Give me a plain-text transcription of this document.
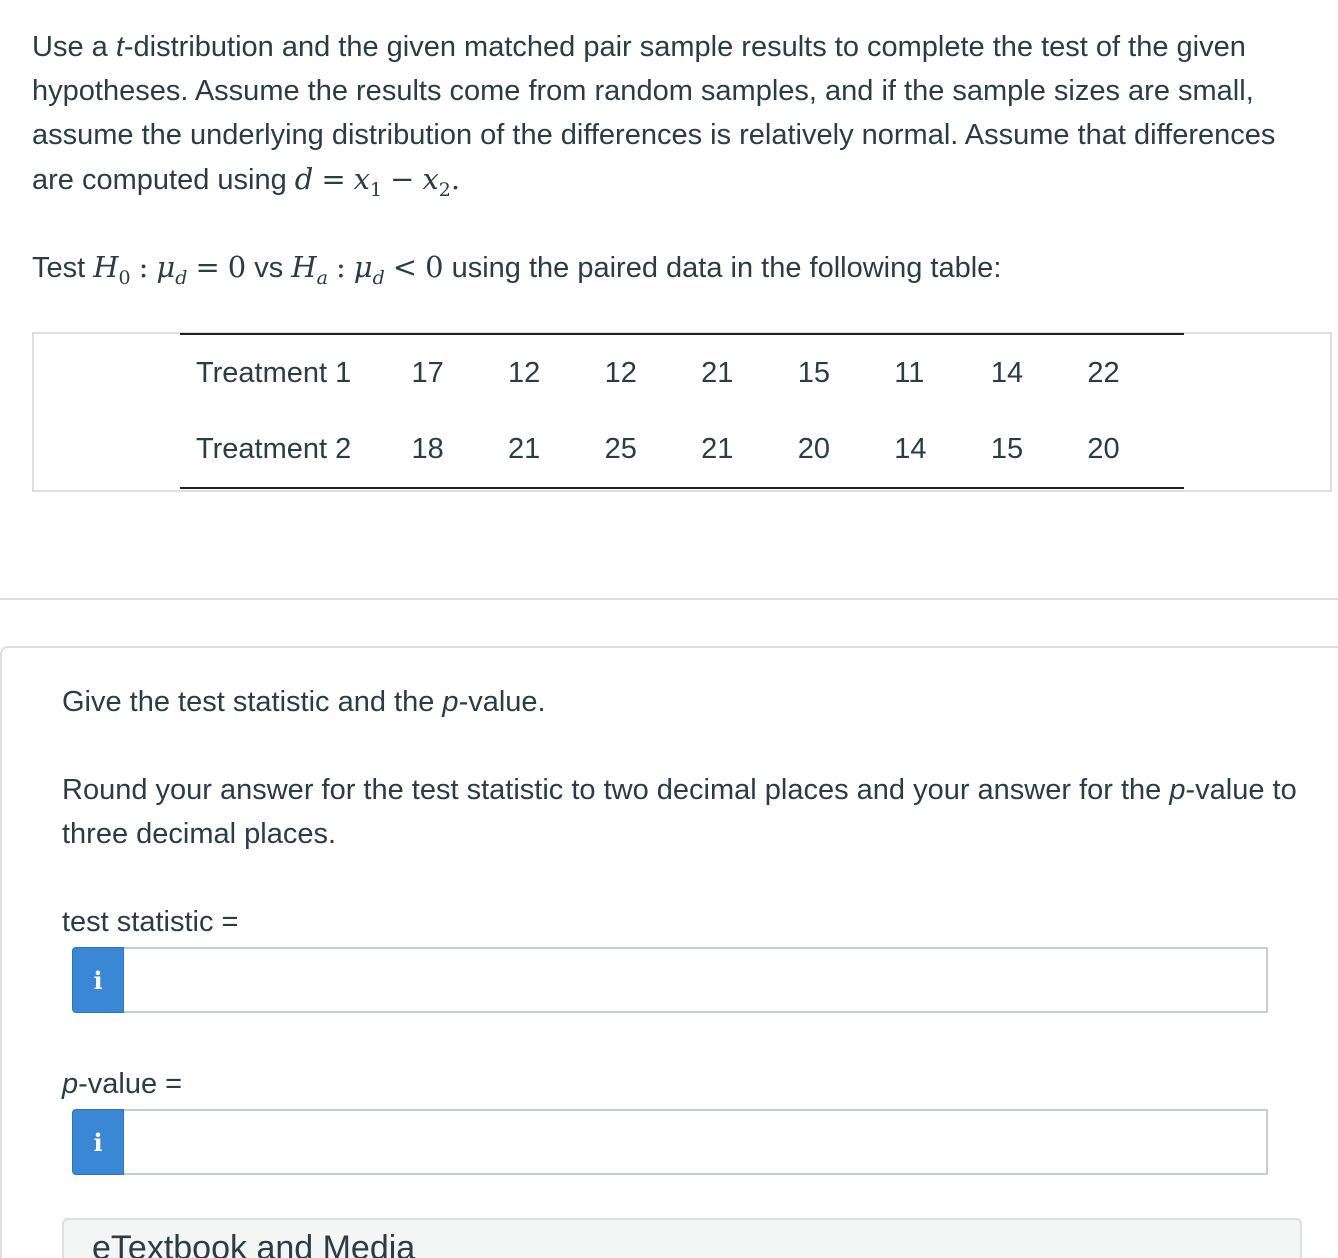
Use a t-distribution and the given matched pair sample results to complete the test of the given hypotheses. Assume the results come from random samples, and if the sample sizes are small, assume the underlying distribution of the differences is relatively normal. Assume that differences are computed using $d = x_1 - x_2$.
Test $H_0$ : $\mu_d = 0$ vs $H_a$ : $\mu_d < 0$ using the paired data in the following table:
Treatment 1	17	12	12	21	15	11	14	22
Treatment 2	18	21	25	21	20	14	15	20
Give the test statistic and the p-value.
Round your answer for the test statistic to two decimal places and your answer for the p-value to three decimal places.
test statistic =
i
p-value =
i
eTextbook and Media
